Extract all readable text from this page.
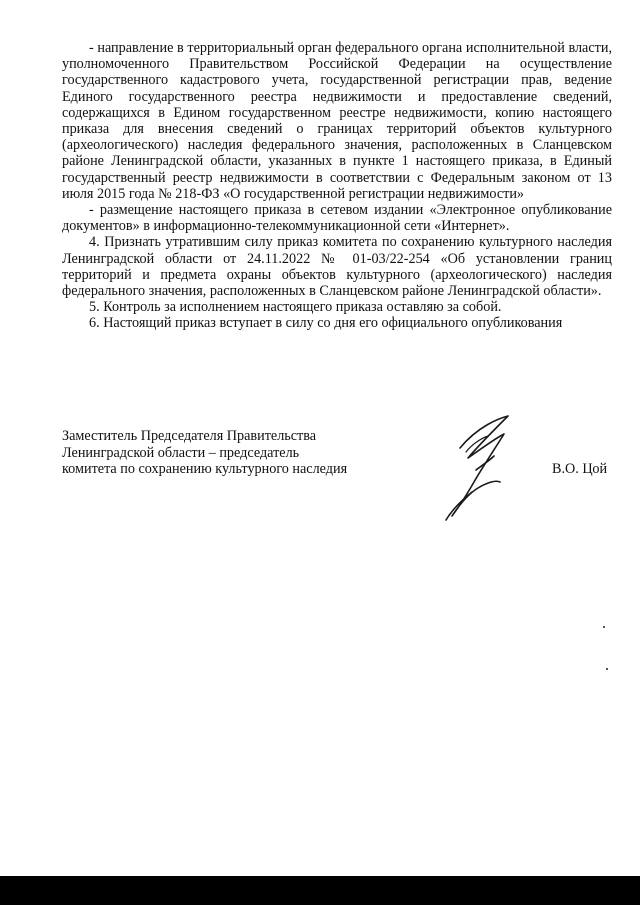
- направление в территориальный орган федерального органа исполнительной власти, уполномоченного Правительством Российской Федерации на осуществление государственного кадастрового учета, государственной регистрации прав, ведение Единого государственного реестра недвижимости и предоставление сведений, содержащихся в Едином государственном реестре недвижимости, копию настоящего приказа для внесения сведений о границах территорий объектов культурного (археологического) наследия федерального значения, расположенных в Сланцевском районе Ленинградской области, указанных в пункте 1 настоящего приказа, в Единый государственный реестр недвижимости в соответствии с Федеральным законом от 13 июля 2015 года № 218-ФЗ «О государственной регистрации недвижимости»

- размещение настоящего приказа в сетевом издании «Электронное опубликование документов» в информационно-телекоммуникационной сети «Интернет».

4. Признать утратившим силу приказ комитета по сохранению культурного наследия Ленинградской области от 24.11.2022 № 01-03/22-254 «Об установлении границ территорий и предмета охраны объектов культурного (археологического) наследия федерального значения, расположенных в Сланцевском районе Ленинградской области».

5. Контроль за исполнением настоящего приказа оставляю за собой.

6. Настоящий приказ вступает в силу со дня его официального опубликования

Заместитель Председателя Правительства
Ленинградской области – председатель
комитета по сохранению культурного наследия	В.О. Цой
